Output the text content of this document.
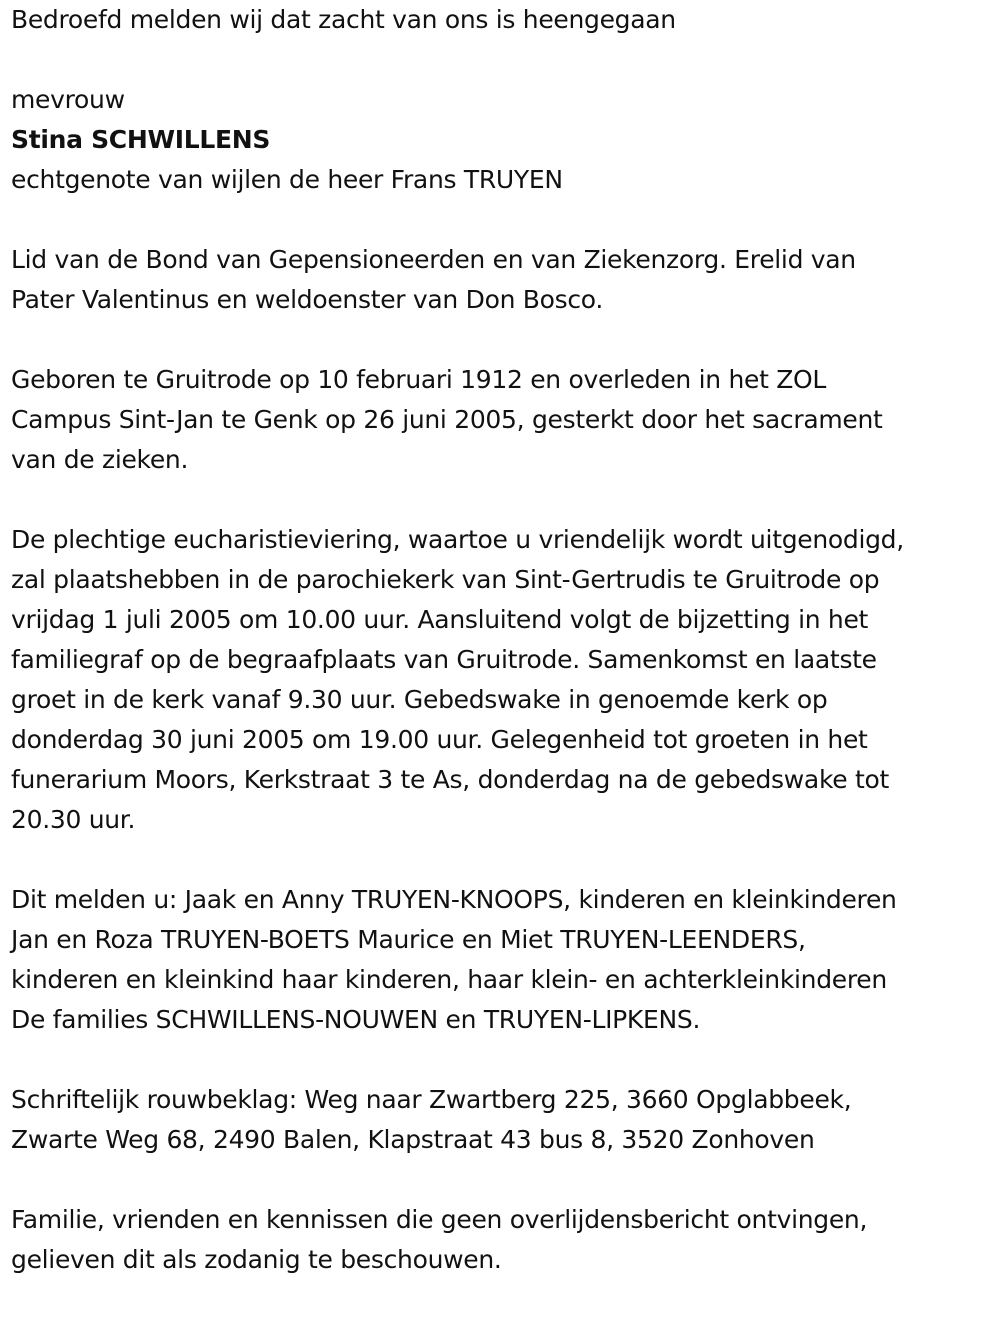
Bedroefd melden wij dat zacht van ons is heengegaan

mevrouw

Stina SCHWILLENS

echtgenote van wijlen de heer Frans TRUYEN

Lid van de Bond van Gepensioneerden en van Ziekenzorg. Erelid van

Pater Valentinus en weldoenster van Don Bosco.

Geboren te Gruitrode op 10 februari 1912 en overleden in het ZOL

Campus Sint-Jan te Genk op 26 juni 2005, gesterkt door het sacrament

van de zieken.

De plechtige eucharistieviering, waartoe u vriendelijk wordt uitgenodigd,

zal plaatshebben in de parochiekerk van Sint-Gertrudis te Gruitrode op

vrijdag 1 juli 2005 om 10.00 uur. Aansluitend volgt de bijzetting in het

familiegraf op de begraafplaats van Gruitrode. Samenkomst en laatste

groet in de kerk vanaf 9.30 uur. Gebedswake in genoemde kerk op

donderdag 30 juni 2005 om 19.00 uur. Gelegenheid tot groeten in het

funerarium Moors, Kerkstraat 3 te As, donderdag na de gebedswake tot

20.30 uur.

Dit melden u: Jaak en Anny TRUYEN-KNOOPS, kinderen en kleinkinderen

Jan en Roza TRUYEN-BOETS Maurice en Miet TRUYEN-LEENDERS,

kinderen en kleinkind haar kinderen, haar klein- en achterkleinkinderen

De families SCHWILLENS-NOUWEN en TRUYEN-LIPKENS.

Schriftelijk rouwbeklag: Weg naar Zwartberg 225, 3660 Opglabbeek,

Zwarte Weg 68, 2490 Balen, Klapstraat 43 bus 8, 3520 Zonhoven

Familie, vrienden en kennissen die geen overlijdensbericht ontvingen,

gelieven dit als zodanig te beschouwen.
